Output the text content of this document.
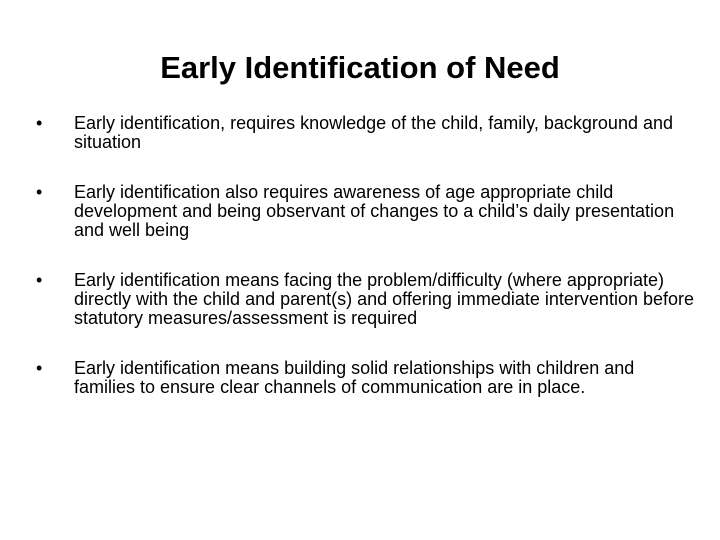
Early Identification of Need
•	Early identification, requires knowledge of the child, family, background and situation
•	Early identification also requires awareness of age appropriate child development and being observant of changes to a child’s daily presentation and well being
•	Early identification means facing the problem/difficulty (where appropriate) directly with the child and parent(s) and offering immediate intervention before statutory measures/assessment is required
•	Early identification means building solid relationships with children and families to ensure clear channels of communication are in place.
